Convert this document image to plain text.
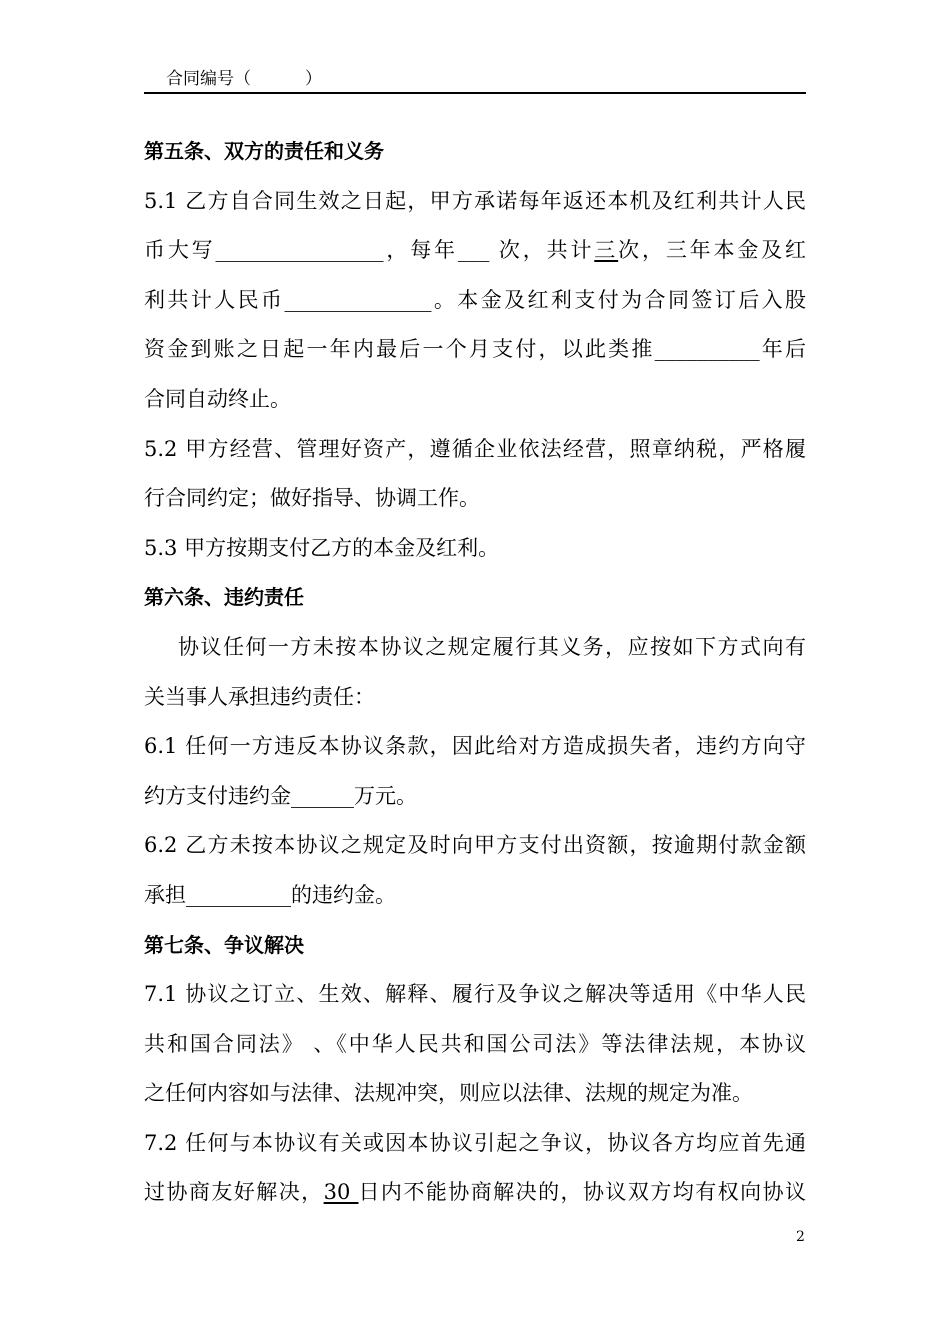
合同编号（          ）

第五条、双方的责任和义务

5.1 乙方自合同生效之日起，甲方承诺每年返还本机及红利共计人民

币大写________________，每年___ 次，共计三次，三年本金及红

利共计人民币______________。本金及红利支付为合同签订后入股

资金到账之日起一年内最后一个月支付，以此类推__________年后

合同自动终止。

5.2 甲方经营、管理好资产，遵循企业依法经营，照章纳税，严格履

行合同约定；做好指导、协调工作。

5.3 甲方按期支付乙方的本金及红利。

第六条、违约责任

协议任何一方未按本协议之规定履行其义务，应按如下方式向有

关当事人承担违约责任：

6.1 任何一方违反本协议条款，因此给对方造成损失者，违约方向守

约方支付违约金______万元。

6.2 乙方未按本协议之规定及时向甲方支付出资额，按逾期付款金额

承担__________的违约金。

第七条、争议解决

7.1 协议之订立、生效、解释、履行及争议之解决等适用《中华人民

共和国合同法》 、《中华人民共和国公司法》等法律法规，本协议

之任何内容如与法律、法规冲突，则应以法律、法规的规定为准。

7.2 任何与本协议有关或因本协议引起之争议，协议各方均应首先通

过协商友好解决，30 日内不能协商解决的，协议双方均有权向协议

2
